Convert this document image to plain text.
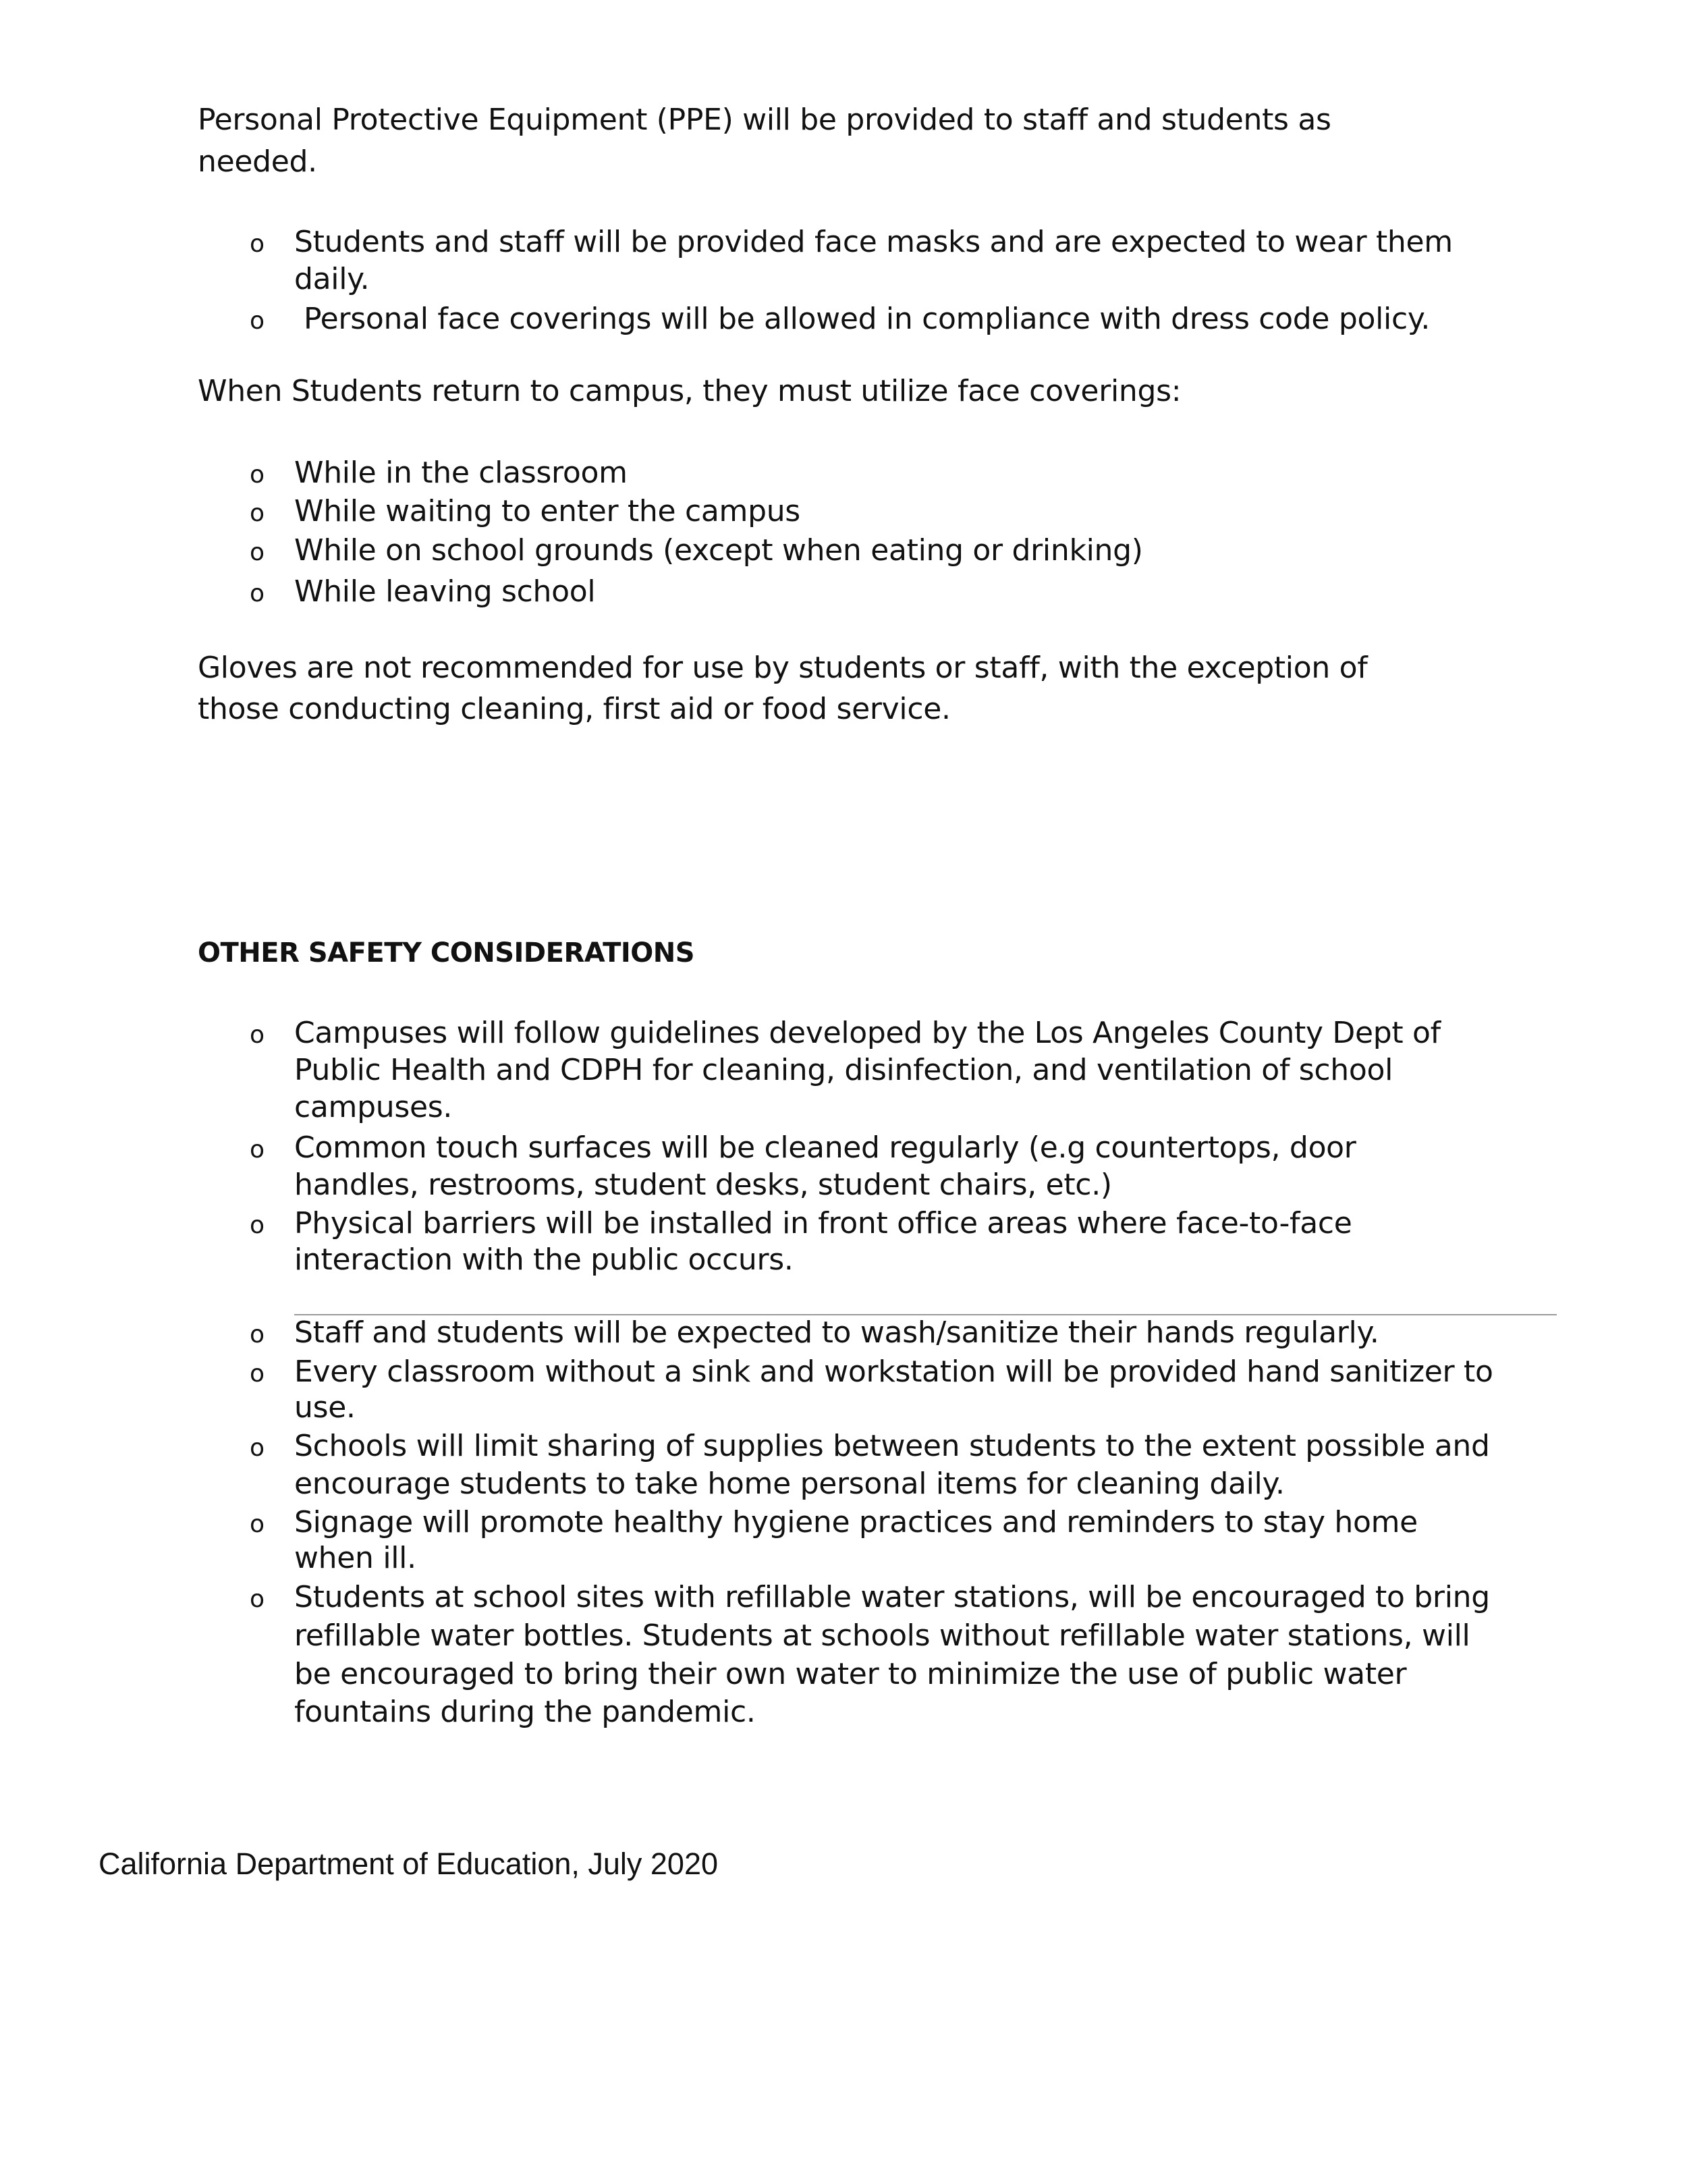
Personal Protective Equipment (PPE) will be provided to staff and students as
needed.
o Students and staff will be provided face masks and are expected to wear them
daily.
o Personal face coverings will be allowed in compliance with dress code policy.
When Students return to campus, they must utilize face coverings:
o While in the classroom
o While waiting to enter the campus
o While on school grounds (except when eating or drinking)
o While leaving school
Gloves are not recommended for use by students or staff, with the exception of
those conducting cleaning, first aid or food service.
OTHER SAFETY CONSIDERATIONS
o Campuses will follow guidelines developed by the Los Angeles County Dept of
Public Health and CDPH for cleaning, disinfection, and ventilation of school
campuses.
o Common touch surfaces will be cleaned regularly (e.g countertops, door
handles, restrooms, student desks, student chairs, etc.)
o Physical barriers will be installed in front office areas where face-to-face
interaction with the public occurs.
o Staff and students will be expected to wash/sanitize their hands regularly.
o Every classroom without a sink and workstation will be provided hand sanitizer to
use.
o Schools will limit sharing of supplies between students to the extent possible and
encourage students to take home personal items for cleaning daily.
o Signage will promote healthy hygiene practices and reminders to stay home
when ill.
o Students at school sites with refillable water stations, will be encouraged to bring
refillable water bottles. Students at schools without refillable water stations, will
be encouraged to bring their own water to minimize the use of public water
fountains during the pandemic.
California Department of Education, July 2020
